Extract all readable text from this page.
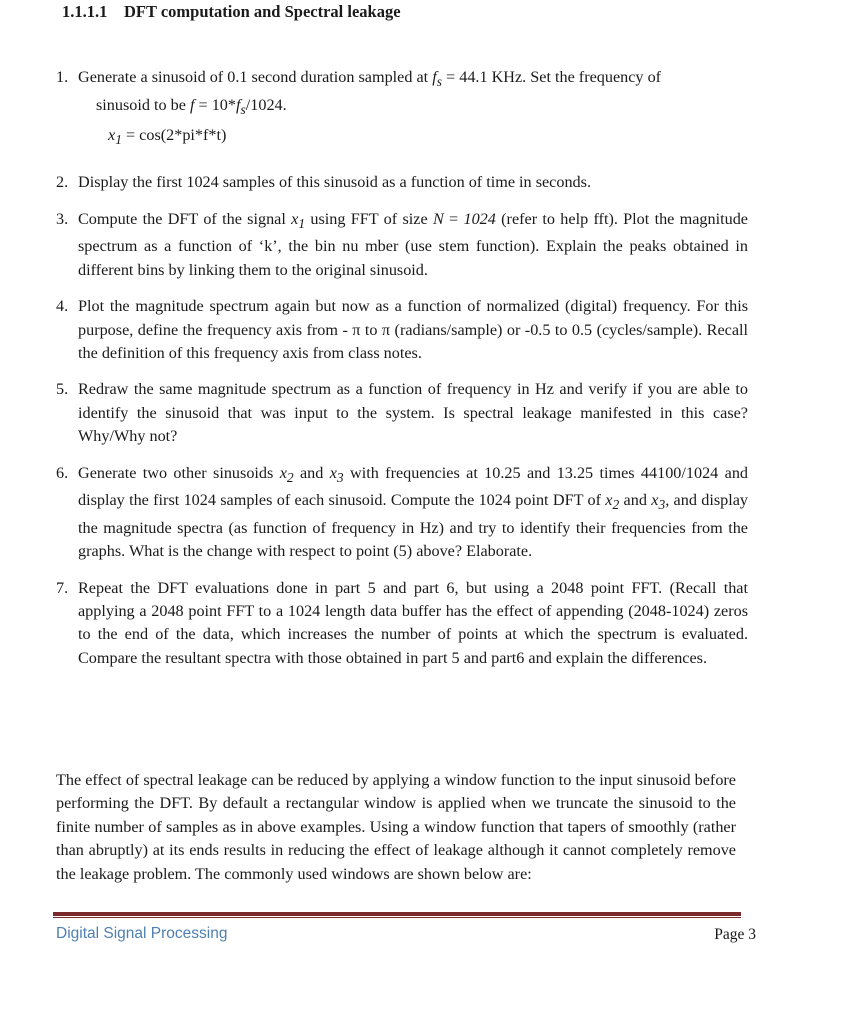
1.1.1.1 DFT computation and Spectral leakage
1. Generate a sinusoid of 0.1 second duration sampled at $f_s = 44.1$ KHz. Set the frequency of
sinusoid to be $f = 10*f_s/1024$.
2. Display the first 1024 samples of this sinusoid as a function of time in seconds.
3. Compute the DFT of the signal $x_1$ using FFT of size N = 1024 (refer to help fft). Plot the magnitude spectrum as a function of ‘k’, the bin nu mber (use stem function). Explain the peaks obtained in different bins by linking them to the original sinusoid.
4. Plot the magnitude spectrum again but now as a function of normalized (digital) frequency. For this purpose, define the frequency axis from - π to π (radians/sample) or -0.5 to 0.5 (cycles/sample). Recall the definition of this frequency axis from class notes.
5. Redraw the same magnitude spectrum as a function of frequency in Hz and verify if you are able to identify the sinusoid that was input to the system. Is spectral leakage manifested in this case? Why/Why not?
6. Generate two other sinusoids $x_2$ and $x_3$ with frequencies at 10.25 and 13.25 times 44100/1024 and display the first 1024 samples of each sinusoid. Compute the 1024 point DFT of $x_2$ and $x_3$, and display the magnitude spectra (as function of frequency in Hz) and try to identify their frequencies from the graphs. What is the change with respect to point (5) above? Elaborate.
7. Repeat the DFT evaluations done in part 5 and part 6, but using a 2048 point FFT. (Recall that applying a 2048 point FFT to a 1024 length data buffer has the effect of appending (2048-1024) zeros to the end of the data, which increases the number of points at which the spectrum is evaluated. Compare the resultant spectra with those obtained in part 5 and part6 and explain the differences.
$x_1 = \cos(2*pi*f*t)$
The effect of spectral leakage can be reduced by applying a window function to the input sinusoid before performing the DFT. By default a rectangular window is applied when we truncate the sinusoid to the finite number of samples as in above examples. Using a window function that tapers of smoothly (rather than abruptly) at its ends results in reducing the effect of leakage although it cannot completely remove the leakage problem. The commonly used windows are shown below are:
Digital Signal Processing	Page 3
